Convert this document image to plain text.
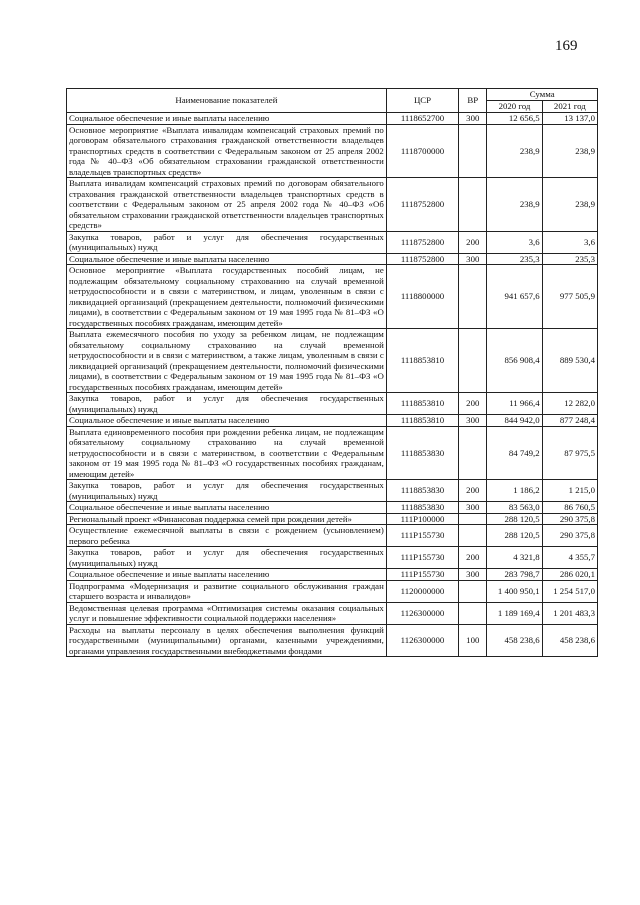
169
Наименование показателей	ЦСР	ВР	Сумма	
			2020 год	2021 год
Социальное обеспечение и иные выплаты населению	1118652700	300	12 656,5	13 137,0
Основное мероприятие «Выплата инвалидам компенсаций страховых премий по договорам обязательного страхования гражданской ответственности владельцев транспортных средств в соответствии с Федеральным законом от 25 апреля 2002 года № 40–ФЗ «Об обязательном страховании гражданской ответственности владельцев транспортных средств»	1118700000		238,9	238,9
Выплата инвалидам компенсаций страховых премий по договорам обязательного страхования гражданской ответственности владельцев транспортных средств в соответствии с Федеральным законом от 25 апреля 2002 года № 40–ФЗ «Об обязательном страховании гражданской ответственности владельцев транспортных средств»	1118752800		238,9	238,9
Закупка товаров, работ и услуг для обеспечения государственных (муниципальных) нужд	1118752800	200	3,6	3,6
Социальное обеспечение и иные выплаты населению	1118752800	300	235,3	235,3
Основное мероприятие «Выплата государственных пособий лицам, не подлежащим обязательному социальному страхованию на случай временной нетрудоспособности и в связи с материнством, и лицам, уволенным в связи с ликвидацией организаций (прекращением деятельности, полномочий физическими лицами), в соответствии с Федеральным законом от 19 мая 1995 года № 81–ФЗ «О государственных пособиях гражданам, имеющим детей»	1118800000		941 657,6	977 505,9
Выплата ежемесячного пособия по уходу за ребенком лицам, не подлежащим обязательному социальному страхованию на случай временной нетрудоспособности и в связи с материнством, а также лицам, уволенным в связи с ликвидацией организаций (прекращением деятельности, полномочий физическими лицами), в соответствии с Федеральным законом от 19 мая 1995 года № 81–ФЗ «О государственных пособиях гражданам, имеющим детей»	1118853810		856 908,4	889 530,4
Закупка товаров, работ и услуг для обеспечения государственных (муниципальных) нужд	1118853810	200	11 966,4	12 282,0
Социальное обеспечение и иные выплаты населению	1118853810	300	844 942,0	877 248,4
Выплата единовременного пособия при рождении ребенка лицам, не подлежащим обязательному социальному страхованию на случай временной нетрудоспособности и в связи с материнством, в соответствии с Федеральным законом от 19 мая 1995 года № 81–ФЗ «О государственных пособиях гражданам, имеющим детей»	1118853830		84 749,2	87 975,5
Закупка товаров, работ и услуг для обеспечения государственных (муниципальных) нужд	1118853830	200	1 186,2	1 215,0
Социальное обеспечение и иные выплаты населению	1118853830	300	83 563,0	86 760,5
Региональный проект «Финансовая поддержка семей при рождении детей»	111P100000		288 120,5	290 375,8
Осуществление ежемесячной выплаты в связи с рождением (усыновлением) первого ребенка	111P155730		288 120,5	290 375,8
Закупка товаров, работ и услуг для обеспечения государственных (муниципальных) нужд	111P155730	200	4 321,8	4 355,7
Социальное обеспечение и иные выплаты населению	111P155730	300	283 798,7	286 020,1
Подпрограмма «Модернизация и развитие социального обслуживания граждан старшего возраста и инвалидов»	1120000000		1 400 950,1	1 254 517,0
Ведомственная целевая программа «Оптимизация системы оказания социальных услуг и повышение эффективности социальной поддержки населения»	1126300000		1 189 169,4	1 201 483,3
Расходы на выплаты персоналу в целях обеспечения выполнения функций государственными (муниципальными) органами, казенными учреждениями, органами управления государственными внебюджетными фондами	1126300000	100	458 238,6	458 238,6
